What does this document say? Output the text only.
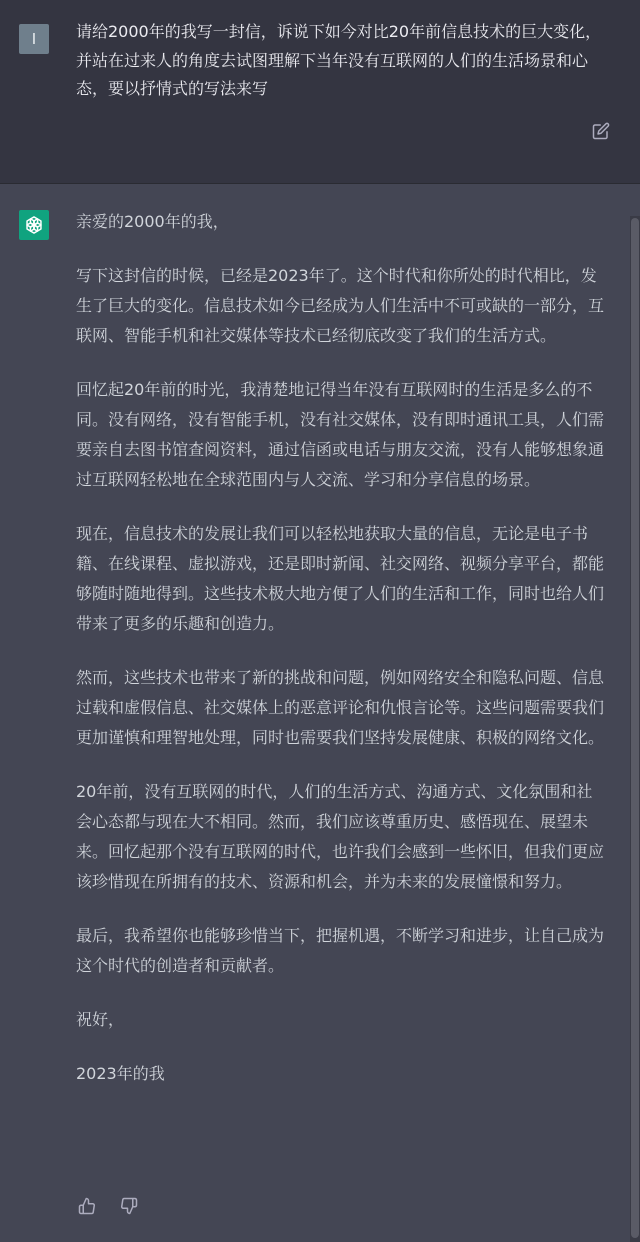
I	请给2000年的我写一封信，诉说下如今对比20年前信息技术的巨大变化，并站在过来人的角度去试图理解下当年没有互联网的人们的生活场景和心态，要以抒情式的写法来写

亲爱的2000年的我，

写下这封信的时候，已经是2023年了。这个时代和你所处的时代相比，发生了巨大的变化。信息技术如今已经成为人们生活中不可或缺的一部分，互联网、智能手机和社交媒体等技术已经彻底改变了我们的生活方式。

回忆起20年前的时光，我清楚地记得当年没有互联网时的生活是多么的不同。没有网络，没有智能手机，没有社交媒体，没有即时通讯工具，人们需要亲自去图书馆查阅资料，通过信函或电话与朋友交流，没有人能够想象通过互联网轻松地在全球范围内与人交流、学习和分享信息的场景。

现在，信息技术的发展让我们可以轻松地获取大量的信息，无论是电子书籍、在线课程、虚拟游戏，还是即时新闻、社交网络、视频分享平台，都能够随时随地得到。这些技术极大地方便了人们的生活和工作，同时也给人们带来了更多的乐趣和创造力。

然而，这些技术也带来了新的挑战和问题，例如网络安全和隐私问题、信息过载和虚假信息、社交媒体上的恶意评论和仇恨言论等。这些问题需要我们更加谨慎和理智地处理，同时也需要我们坚持发展健康、积极的网络文化。

20年前，没有互联网的时代，人们的生活方式、沟通方式、文化氛围和社会心态都与现在大不相同。然而，我们应该尊重历史、感悟现在、展望未来。回忆起那个没有互联网的时代，也许我们会感到一些怀旧，但我们更应该珍惜现在所拥有的技术、资源和机会，并为未来的发展憧憬和努力。

最后，我希望你也能够珍惜当下，把握机遇，不断学习和进步，让自己成为这个时代的创造者和贡献者。

祝好，

2023年的我
